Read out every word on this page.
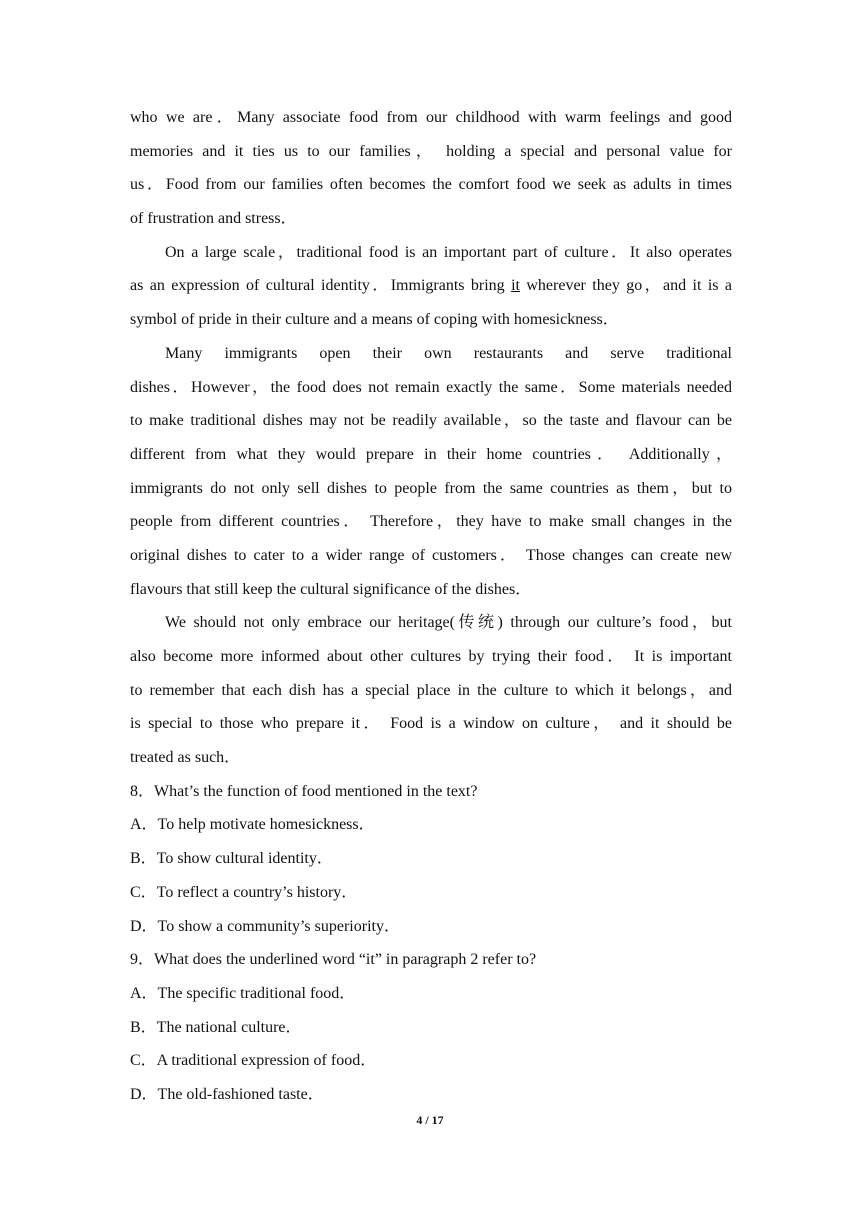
who we are．Many associate food from our childhood with warm feelings and good
memories and it ties us to our families， holding a special and personal value for
us．Food from our families often becomes the comfort food we seek as adults in times
of frustration and stress．
On a large scale，traditional food is an important part of culture．It also operates
as an expression of cultural identity．Immigrants bring it wherever they go，and it is a
symbol of pride in their culture and a means of coping with homesickness．
Many immigrants open their own restaurants and serve traditional
dishes．However，the food does not remain exactly the same．Some materials needed
to make traditional dishes may not be readily available，so the taste and flavour can be
different from what they would prepare in their home countries． Additionally，
immigrants do not only sell dishes to people from the same countries as them，but to
people from different countries． Therefore，they have to make small changes in the
original dishes to cater to a wider range of customers． Those changes can create new
flavours that still keep the cultural significance of the dishes．
We should not only embrace our heritage(传统) through our culture’s food，but
also become more informed about other cultures by trying their food． It is important
to remember that each dish has a special place in the culture to which it belongs，and
is special to those who prepare it． Food is a window on culture， and it should be
treated as such．
8．What’s the function of food mentioned in the text?
A．To help motivate homesickness．
B．To show cultural identity．
C．To reflect a country’s history．
D．To show a community’s superiority．
9．What does the underlined word “it” in paragraph 2 refer to?
A．The specific traditional food．
B．The national culture．
C．A traditional expression of food．
D．The old-fashioned taste．
4 / 17
